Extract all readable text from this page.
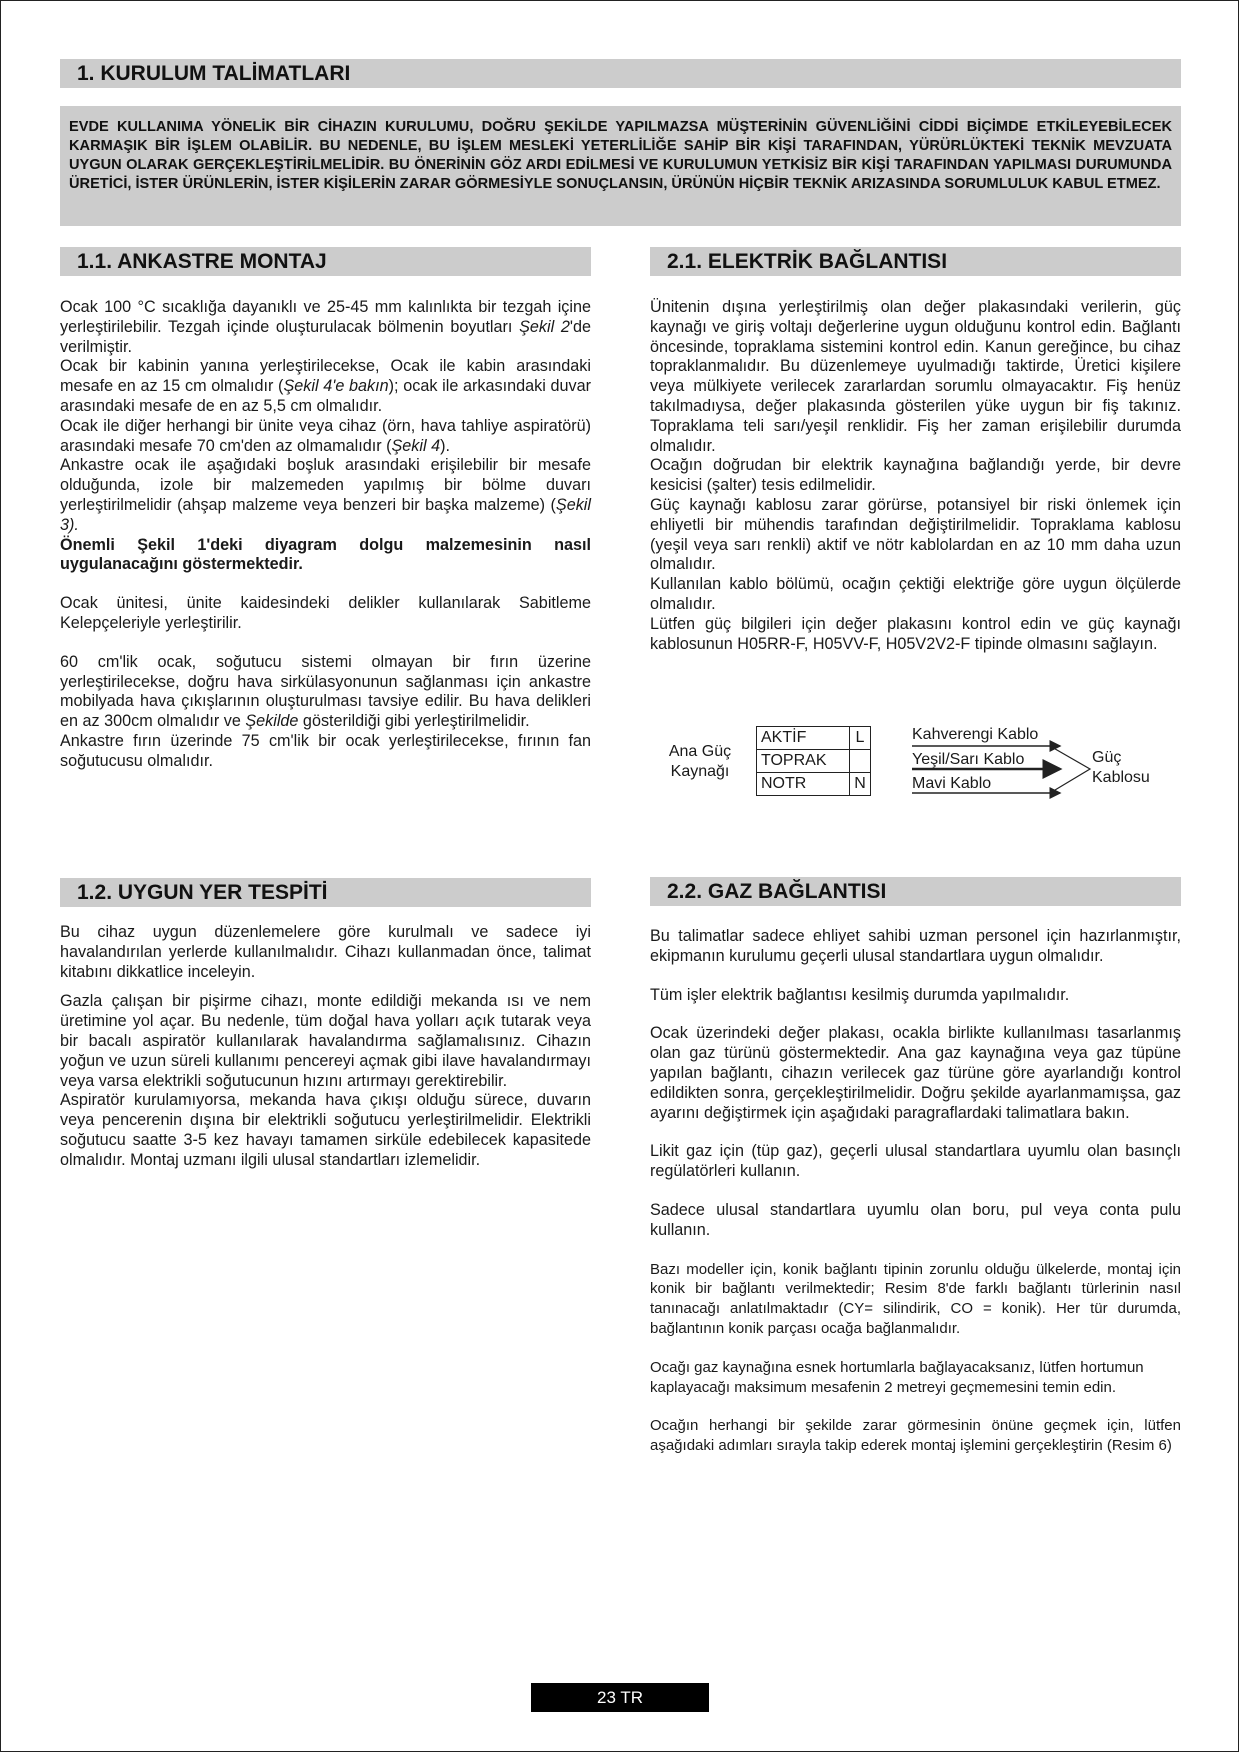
1. KURULUM TALİMATLARI
EVDE KULLANIMA YÖNELİK BİR CİHAZIN KURULUMU, DOĞRU ŞEKİLDE YAPILMAZSA MÜŞTERİNİN GÜVENLİĞİNİ CİDDİ BİÇİMDE ETKİLEYEBİLECEK KARMAŞIK BİR İŞLEM OLABİLİR. BU NEDENLE, BU İŞLEM MESLEKİ YETERLİLİĞE SAHİP BİR KİŞİ TARAFINDAN, YÜRÜRLÜKTEKİ TEKNİK MEVZUATA UYGUN OLARAK GERÇEKLEŞTİRİLMELİDİR. BU ÖNERİNİN GÖZ ARDI EDİLMESİ VE KURULUMUN YETKİSİZ BİR KİŞİ TARAFINDAN YAPILMASI DURUMUNDA ÜRETİCİ, İSTER ÜRÜNLERİN, İSTER KİŞİLERİN ZARAR GÖRMESİYLE SONUÇLANSIN, ÜRÜNÜN HİÇBİR TEKNİK ARIZASINDA SORUMLULUK KABUL ETMEZ.
1.1. ANKASTRE MONTAJ	2.1. ELEKTRİK BAĞLANTISI

Ocak 100 °C sıcaklığa dayanıklı ve 25-45 mm kalınlıkta bir tezgah içine yerleştirilebilir. Tezgah içinde oluşturulacak bölmenin boyutları Şekil 2'de verilmiştir.

Ocak bir kabinin yanına yerleştirilecekse, Ocak ile kabin arasındaki mesafe en az 15 cm olmalıdır (Şekil 4'e bakın); ocak ile arkasındaki duvar arasındaki mesafe de en az 5,5 cm olmalıdır.

Ocak ile diğer herhangi bir ünite veya cihaz (örn, hava tahliye aspiratörü) arasındaki mesafe 70 cm'den az olmamalıdır (Şekil 4).

Ankastre ocak ile aşağıdaki boşluk arasındaki erişilebilir bir mesafe olduğunda, izole bir malzemeden yapılmış bir bölme duvarı yerleştirilmelidir (ahşap malzeme veya benzeri bir başka malzeme) (Şekil 3).

Önemli Şekil 1'deki diyagram dolgu malzemesinin nasıl uygulanacağını göstermektedir.

Ocak ünitesi, ünite kaidesindeki delikler kullanılarak Sabitleme Kelepçeleriyle yerleştirilir.

60 cm'lik ocak, soğutucu sistemi olmayan bir fırın üzerine yerleştirilecekse, doğru hava sirkülasyonunun sağlanması için ankastre mobilyada hava çıkışlarının oluşturulması tavsiye edilir. Bu hava delikleri en az 300cm olmalıdır ve Şekilde gösterildiği gibi yerleştirilmelidir.

Ankastre fırın üzerinde 75 cm'lik bir ocak yerleştirilecekse, fırının fan soğutucusu olmalıdır.

Ünitenin dışına yerleştirilmiş olan değer plakasındaki verilerin, güç kaynağı ve giriş voltajı değerlerine uygun olduğunu kontrol edin. Bağlantı öncesinde, topraklama sistemini kontrol edin. Kanun gereğince, bu cihaz topraklanmalıdır. Bu düzenlemeye uyulmadığı taktirde, Üretici kişilere veya mülkiyete verilecek zararlardan sorumlu olmayacaktır. Fiş henüz takılmadıysa, değer plakasında gösterilen yüke uygun bir fiş takınız. Topraklama teli sarı/yeşil renklidir. Fiş her zaman erişilebilir durumda olmalıdır.

Ocağın doğrudan bir elektrik kaynağına bağlandığı yerde, bir devre kesicisi (şalter) tesis edilmelidir.

Güç kaynağı kablosu zarar görürse, potansiyel bir riski önlemek için ehliyetli bir mühendis tarafından değiştirilmelidir. Topraklama kablosu (yeşil veya sarı renkli) aktif ve nötr kablolardan en az 10 mm daha uzun olmalıdır.

Kullanılan kablo bölümü, ocağın çektiği elektriğe göre uygun ölçülerde olmalıdır.

Lütfen güç bilgileri için değer plakasını kontrol edin ve güç kaynağı kablosunun H05RR-F, H05VV-F, H05V2V2-F tipinde olmasını sağlayın.

Ana Güç Kaynağı
AKTİF	L
TOPRAK	
NOTR	N
Kahverengi Kablo
Yeşil/Sarı Kablo
Mavi Kablo
Güç Kablosu
1.2. UYGUN YER TESPİTİ	2.2. GAZ BAĞLANTISI

Bu cihaz uygun düzenlemelere göre kurulmalı ve sadece iyi havalandırılan yerlerde kullanılmalıdır. Cihazı kullanmadan önce, talimat kitabını dikkatlice inceleyin.

Gazla çalışan bir pişirme cihazı, monte edildiği mekanda ısı ve nem üretimine yol açar. Bu nedenle, tüm doğal hava yolları açık tutarak veya bir bacalı aspiratör kullanılarak havalandırma sağlamalısınız. Cihazın yoğun ve uzun süreli kullanımı pencereyi açmak gibi ilave havalandırmayı veya varsa elektrikli soğutucunun hızını artırmayı gerektirebilir.

Aspiratör kurulamıyorsa, mekanda hava çıkışı olduğu sürece, duvarın veya pencerenin dışına bir elektrikli soğutucu yerleştirilmelidir. Elektrikli soğutucu saatte 3-5 kez havayı tamamen sirküle edebilecek kapasitede olmalıdır. Montaj uzmanı ilgili ulusal standartları izlemelidir.

Bu talimatlar sadece ehliyet sahibi uzman personel için hazırlanmıştır, ekipmanın kurulumu geçerli ulusal standartlara uygun olmalıdır.

Tüm işler elektrik bağlantısı kesilmiş durumda yapılmalıdır.

Ocak üzerindeki değer plakası, ocakla birlikte kullanılması tasarlanmış olan gaz türünü göstermektedir. Ana gaz kaynağına veya gaz tüpüne yapılan bağlantı, cihazın verilecek gaz türüne göre ayarlandığı kontrol edildikten sonra, gerçekleştirilmelidir. Doğru şekilde ayarlanmamışsa, gaz ayarını değiştirmek için aşağıdaki paragraflardaki talimatlara bakın.

Likit gaz için (tüp gaz), geçerli ulusal standartlara uyumlu olan basınçlı regülatörleri kullanın.

Sadece ulusal standartlara uyumlu olan boru, pul veya conta pulu kullanın.

Bazı modeller için, konik bağlantı tipinin zorunlu olduğu ülkelerde, montaj için konik bir bağlantı verilmektedir; Resim 8'de farklı bağlantı türlerinin nasıl tanınacağı anlatılmaktadır (CY= silindirik, CO = konik). Her tür durumda, bağlantının konik parçası ocağa bağlanmalıdır.

Ocağı gaz kaynağına esnek hortumlarla bağlayacaksanız, lütfen hortumun kaplayacağı maksimum mesafenin 2 metreyi geçmemesini temin edin.

Ocağın herhangi bir şekilde zarar görmesinin önüne geçmek için, lütfen aşağıdaki adımları sırayla takip ederek montaj işlemini gerçekleştirin (Resim 6)

23 TR
